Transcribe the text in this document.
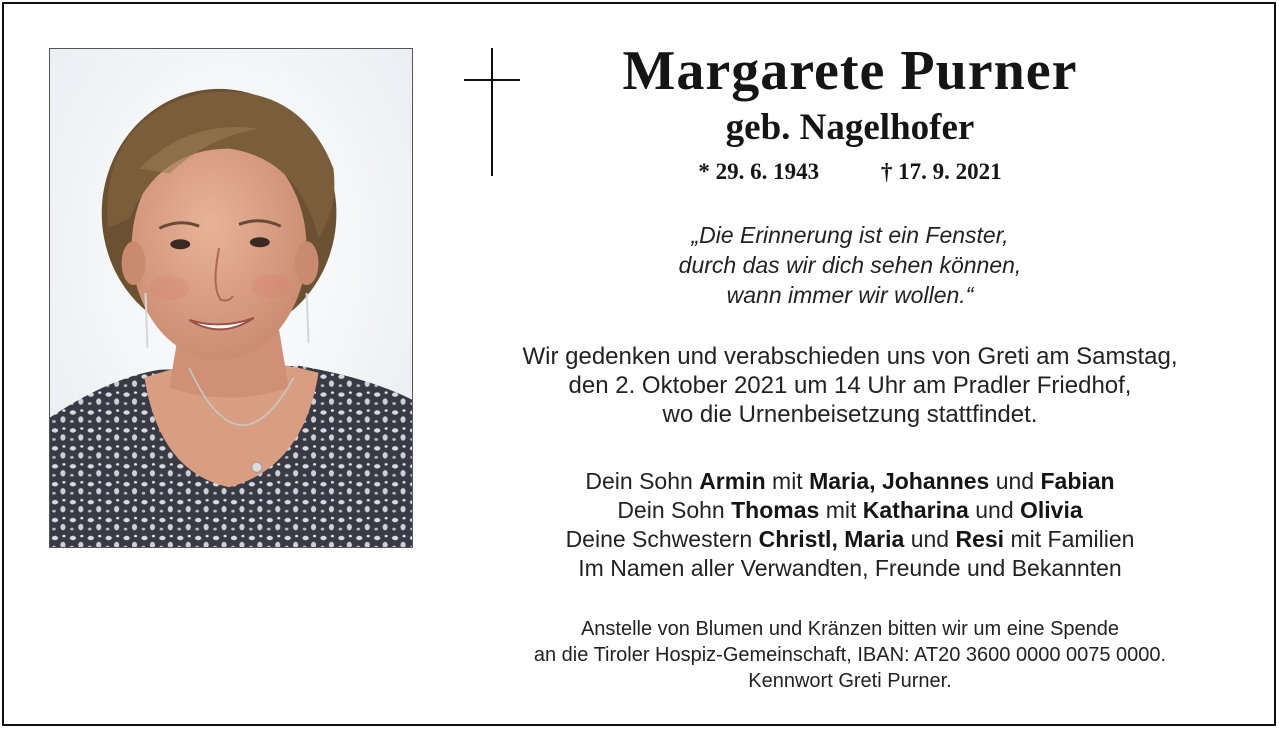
Margarete Purner
geb. Nagelhofer
* 29. 6. 1943	† 17. 9. 2021
„Die Erinnerung ist ein Fenster,
durch das wir dich sehen können,
wann immer wir wollen.“
Wir gedenken und verabschieden uns von Greti am Samstag,
den 2. Oktober 2021 um 14 Uhr am Pradler Friedhof,
wo die Urnenbeisetzung stattfindet.
Dein Sohn Armin mit Maria, Johannes und Fabian
Dein Sohn Thomas mit Katharina und Olivia
Deine Schwestern Christl, Maria und Resi mit Familien
Im Namen aller Verwandten, Freunde und Bekannten
Anstelle von Blumen und Kränzen bitten wir um eine Spende
an die Tiroler Hospiz-Gemeinschaft, IBAN: AT20 3600 0000 0075 0000.
Kennwort Greti Purner.
